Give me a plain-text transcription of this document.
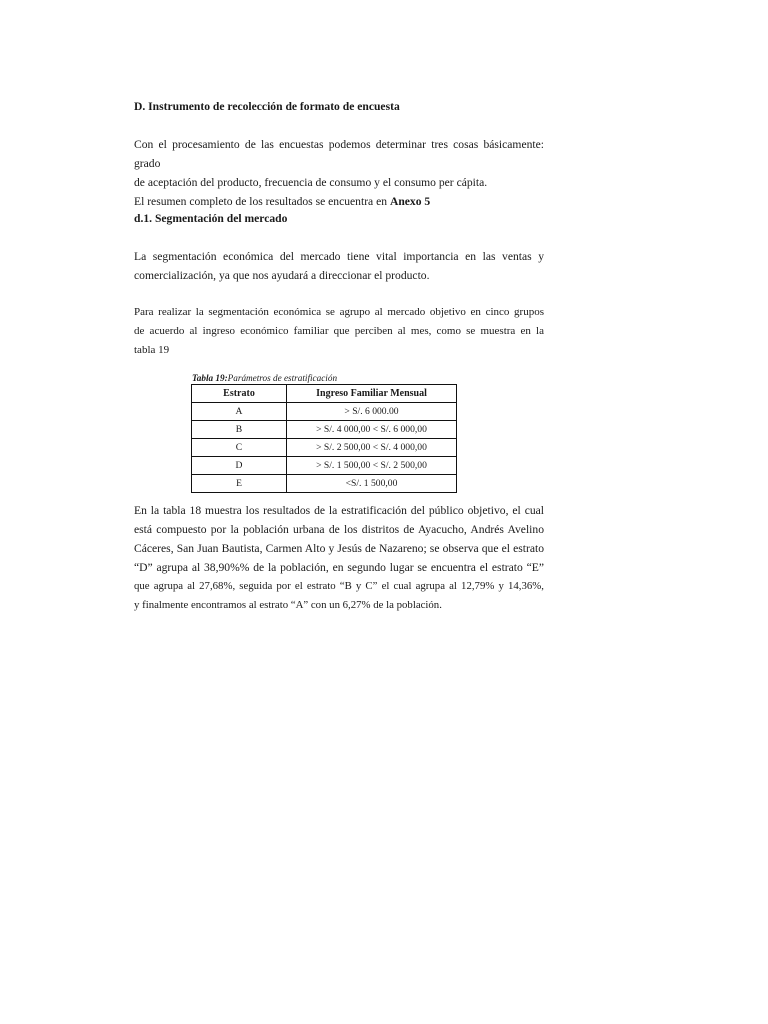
D. Instrumento de recolección de formato de encuesta
Con el procesamiento de las encuestas podemos determinar tres cosas básicamente: grado
de aceptación del producto, frecuencia de consumo y el consumo per cápita.
El resumen completo de los resultados se encuentra en Anexo 5
d.1. Segmentación del mercado
La segmentación económica del mercado tiene vital importancia en las ventas y
comercialización, ya que nos ayudará a direccionar el producto.
Para realizar la segmentación económica se agrupo al mercado objetivo en cinco grupos
de acuerdo al ingreso económico familiar que perciben al mes, como se muestra en la
tabla 19
Tabla 19:Parámetros de estratificación
Estrato	Ingreso Familiar Mensual
A	> S/. 6 000.00
B	> S/. 4 000,00 < S/. 6 000,00
C	> S/. 2 500,00 < S/. 4 000,00
D	> S/. 1 500,00 < S/. 2 500,00
E	<S/. 1 500,00
En la tabla 18 muestra los resultados de la estratificación del público objetivo, el cual
está compuesto por la población urbana de los distritos de Ayacucho, Andrés Avelino
Cáceres, San Juan Bautista, Carmen Alto y Jesús de Nazareno; se observa que el estrato
“D” agrupa al 38,90%% de la población, en segundo lugar se encuentra el estrato “E”
que agrupa al 27,68%, seguida por el estrato “B y C” el cual agrupa al 12,79% y 14,36%,
y finalmente encontramos al estrato “A” con un 6,27% de la población.
